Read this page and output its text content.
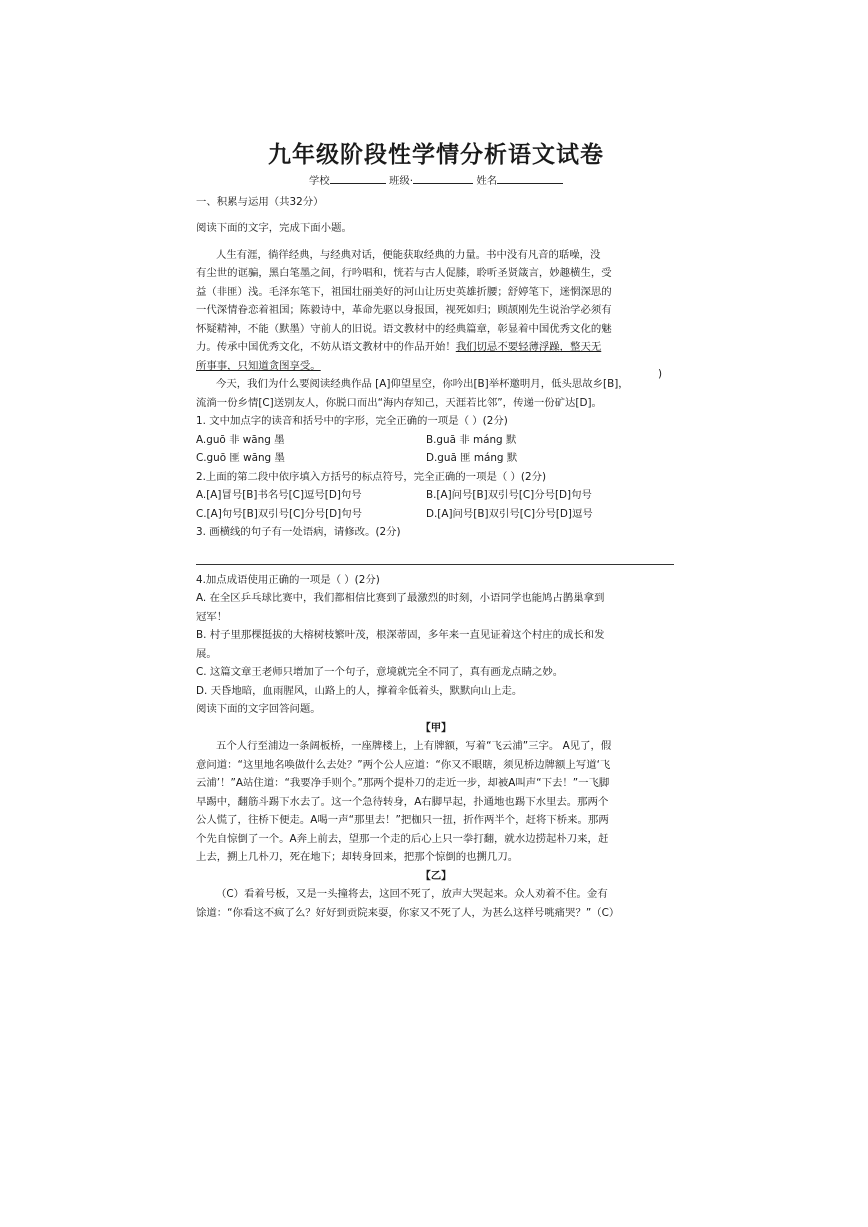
九年级阶段性学情分析语文试卷
学校	班级·	姓名

一、积累与运用（共32分）

阅读下面的文字，完成下面小题。

人生有涯，徜徉经典，与经典对话，便能获取经典的力量。书中没有凡音的聒噪，没

有尘世的诓骗，黑白笔墨之间，行吟唱和，恍若与古人促膝，聆听圣贤箴言，妙趣横生，受

益（非匪）浅。毛泽东笔下，祖国壮丽美好的河山让历史英雄折腰；舒婷笔下，迷惘深思的

一代深情眷恋着祖国；陈毅诗中，革命先驱以身报国，视死如归；顾颉刚先生说治学必须有

怀疑精神，不能（默墨）守前人的旧说。语文教材中的经典篇章，彰显着中国优秀文化的魅

力。传承中国优秀文化，不妨从语文教材中的作品开始！我们切忌不要轻薄浮躁，整天无

所事事，只知道贪图享受。

今天，我们为什么要阅读经典作品 [A]仰望星空，你吟出[B]举杯邀明月，低头思故乡[B]，

流淌一份乡情[C]送别友人，你脱口而出“海内存知己，天涯若比邻”，传递一份矿达[D]。

1. 文中加点字的读音和括号中的字形，完全正确的一项是（ ）(2分)

A.guō 非 wāng 墨	B.guā 非 máng 默
C.guō 匪 wāng 墨	D.guā 匪 máng 默

2.上面的第二段中依序填入方括号的标点符号，完全正确的一项是（ ）(2分)

A.[A]冒号[B]书名号[C]逗号[D]句号	B.[A]问号[B]双引号[C]分号[D]句号
C.[A]句号[B]双引号[C]分号[D]句号	D.[A]问号[B]双引号[C]分号[D]逗号

3. 画横线的句子有一处语病，请修改。(2分)

4.加点成语使用正确的一项是（ ）(2分)

A. 在全区乒乓球比赛中，我们都相信比赛到了最激烈的时刻，小语同学也能鸠占鹊巢拿到

冠军！

B. 村子里那棵挺拔的大榕树枝繁叶茂，根深蒂固，多年来一直见证着这个村庄的成长和发

展。

C. 这篇文章王老师只增加了一个句子，意境就完全不同了，真有画龙点睛之妙。

D. 天昏地暗，血雨腥风，山路上的人，撑着伞低着头，默默向山上走。

阅读下面的文字回答问题。

【甲】

五个人行至浦边一条阔板桥，一座牌楼上，上有牌额，写着“飞云浦”三字。 A见了，假

意问道：“这里地名唤做什么去处？”两个公人应道：“你又不眼瞎，须见桥边牌额上写道‘飞

云浦’！”A站住道：“我要净手则个。”那两个提朴刀的走近一步，却被A叫声“下去！”一飞脚

早踢中，翻筋斗踢下水去了。这一个急待转身，A右脚早起，扑通地也踢下水里去。那两个

公人慌了，往桥下便走。A喝一声“那里去！”把枷只一扭，折作两半个，赶将下桥来。那两

个先自惊倒了一个。A奔上前去，望那一个走的后心上只一拳打翻，就水边捞起朴刀来，赶

上去，搠上几朴刀，死在地下；却转身回来，把那个惊倒的也搠几刀。

【乙】

（C）看着号板，又是一头撞将去，这回不死了，放声大哭起来。众人劝着不住。金有

馀道：“你看这不疯了么？好好到贡院来耍，你家又不死了人，为甚么这样号咷痛哭？”（C）

)
